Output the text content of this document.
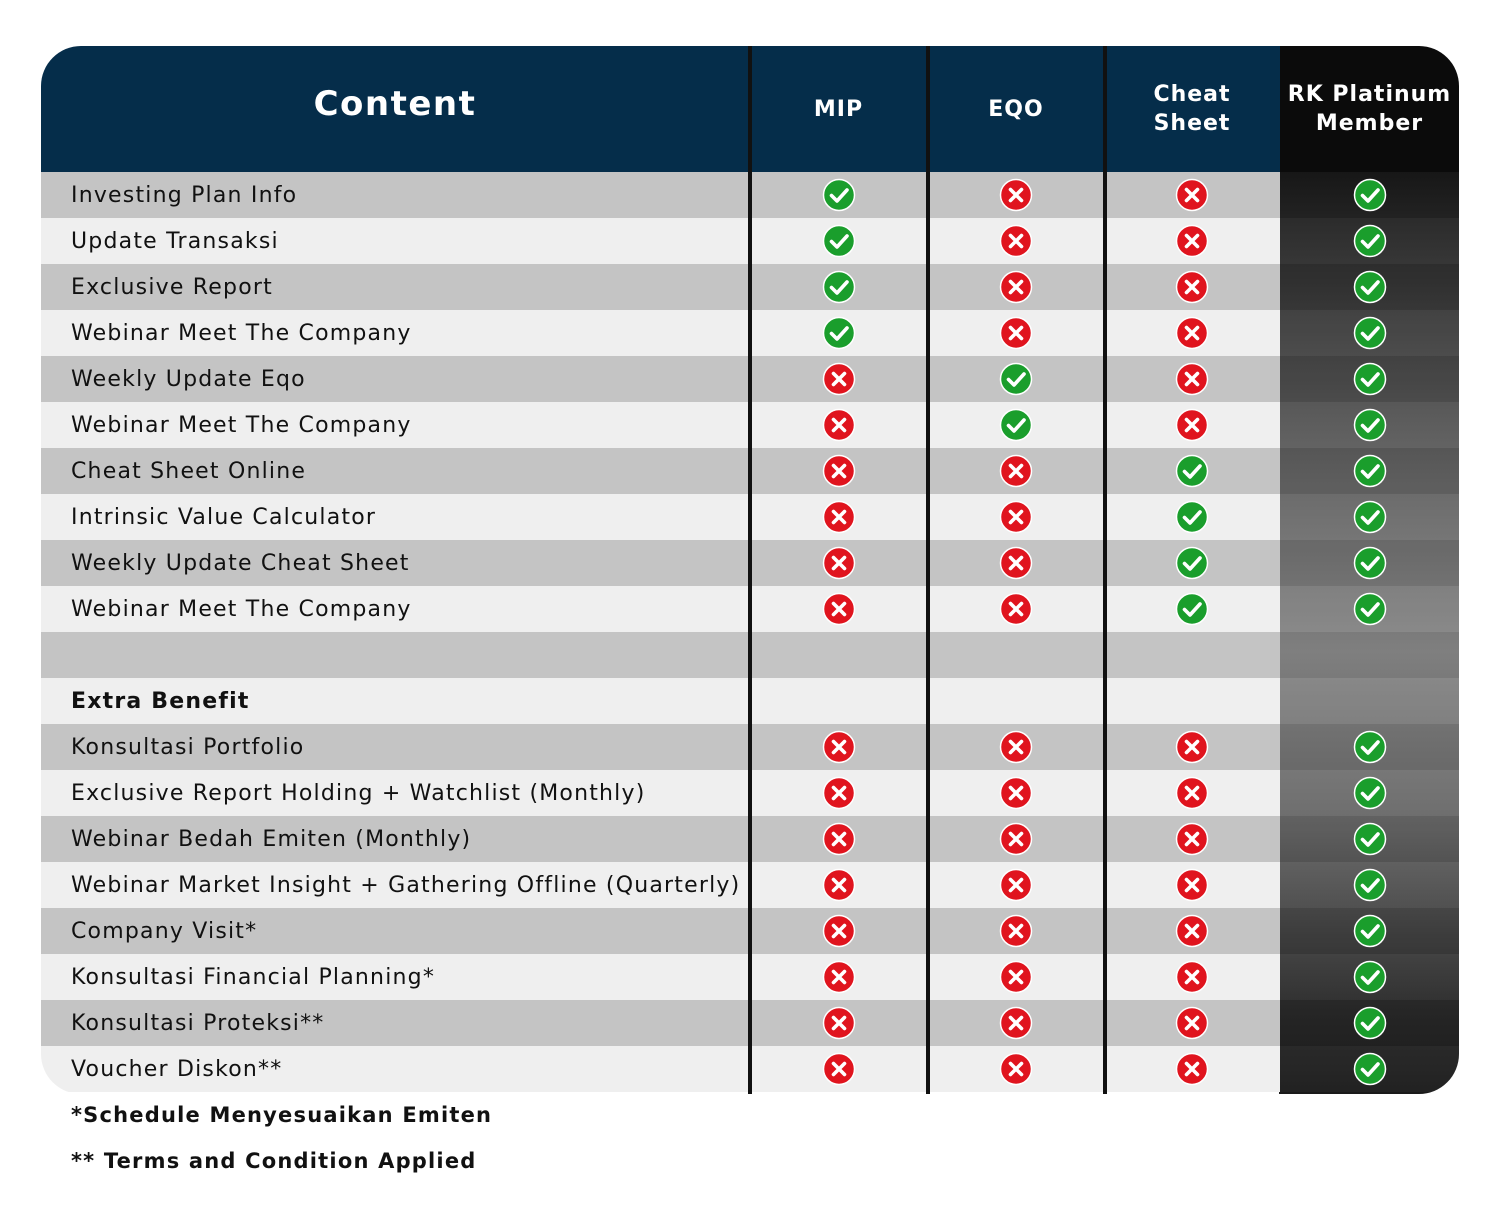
Content	MIP	EQO
Cheat
Sheet
RK Platinum
Member
Investing Plan Info
Update Transaksi
Exclusive Report
Webinar Meet The Company
Weekly Update Eqo
Webinar Meet The Company
Cheat Sheet Online
Intrinsic Value Calculator
Weekly Update Cheat Sheet
Webinar Meet The Company
Extra Benefit
Konsultasi Portfolio
Exclusive Report Holding + Watchlist (Monthly)
Webinar Bedah Emiten (Monthly)
Webinar Market Insight + Gathering Offline (Quarterly)
Company Visit*
Konsultasi Financial Planning*
Konsultasi Proteksi**
Voucher Diskon**
*Schedule Menyesuaikan Emiten
** Terms and Condition Applied
